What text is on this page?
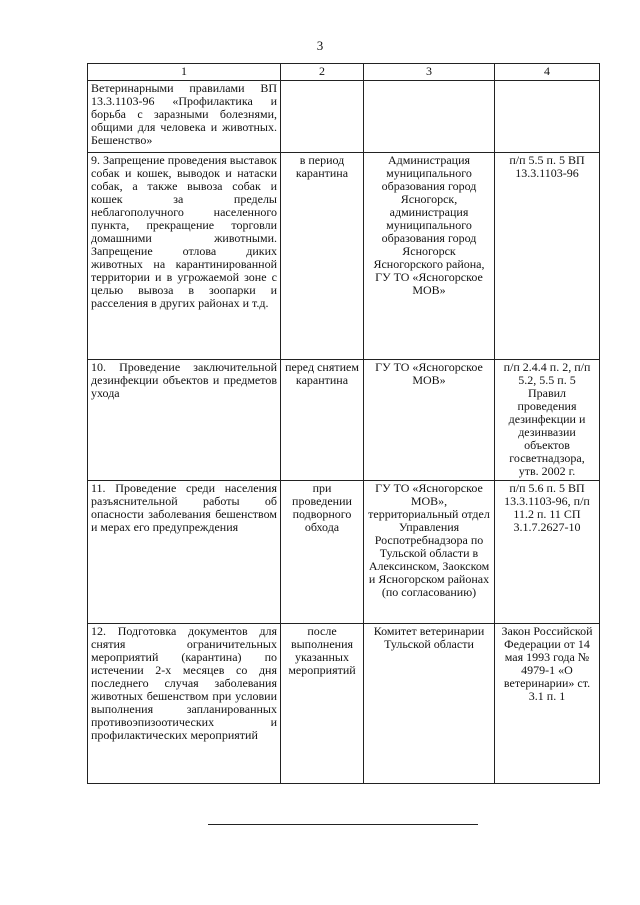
3
1	2	3	4
Ветеринарными правилами ВП 13.3.1103-96 «Профилактика и борьба с заразными болезнями, общими для человека и животных. Бешенство»			
9. Запрещение проведения выставок собак и кошек, выводок и натаски собак, а также вывоза собак и кошек за пределы неблагополучного населенного пункта, прекращение торговли домашними животными. Запрещение отлова диких животных на карантинированной территории и в угрожаемой зоне с целью вывоза в зоопарки и расселения в других районах и т.д.	в период карантина	Администрация муниципального образования город Ясногорск, администрация муниципального образования город Ясногорск Ясногорского района, ГУ ТО «Ясногорское МОВ»	п/п 5.5 п. 5 ВП 13.3.1103-96
10. Проведение заключительной дезинфекции объектов и предметов ухода	перед снятием карантина	ГУ ТО «Ясногорское МОВ»	п/п 2.4.4 п. 2, п/п 5.2, 5.5 п. 5 Правил проведения дезинфекции и дезинвазии объектов госветнадзора, утв. 2002 г.
11. Проведение среди населения разъяснительной работы об опасности заболевания бешенством и мерах его предупреждения	при проведении подворного обхода	ГУ ТО «Ясногорское МОВ», территориальный отдел Управления Роспотребнадзора по Тульской области в Алексинском, Заокском и Ясногорском районах (по согласованию)	п/п 5.6 п. 5 ВП 13.3.1103-96, п/п 11.2 п. 11 СП 3.1.7.2627-10
12. Подготовка документов для снятия ограничительных мероприятий (карантина) по истечении 2-х месяцев со дня последнего случая заболевания животных бешенством при условии выполнения запланированных противоэпизоотических и профилактических мероприятий	после выполнения указанных мероприятий	Комитет ветеринарии Тульской области	Закон Российской Федерации от 14 мая 1993 года № 4979-1 «О ветеринарии» ст. 3.1 п. 1
